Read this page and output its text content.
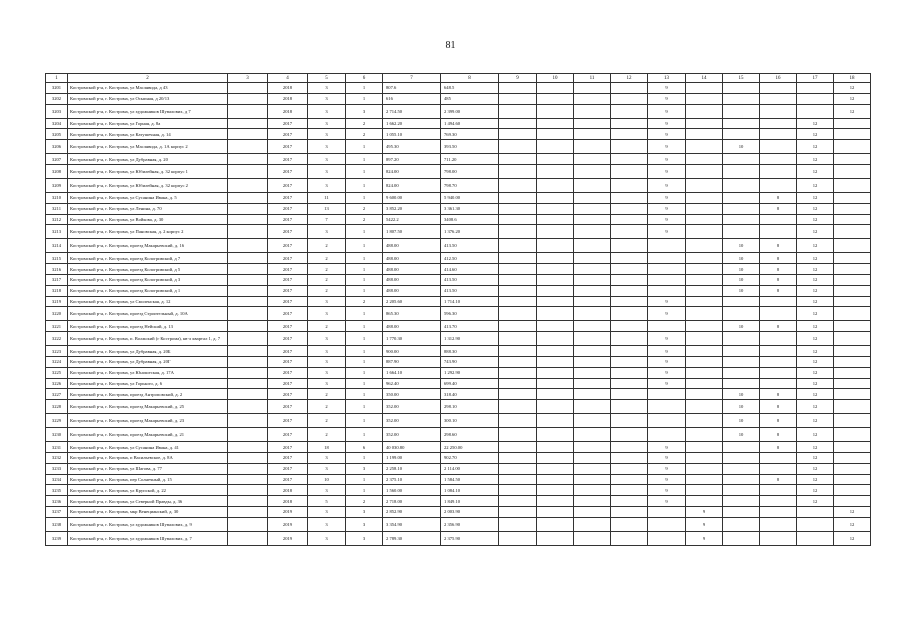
81
1	2	3	4	5	6	7	8	9	10	11	12	13	14	15	16	17	18
3201	Костромской р-н, г. Кострома, ул Маслявида, д 43		2018	3	1	807.6	648.5					9					12
3202	Костромской р-н, г. Кострома, ул Осыпная, д 20/13		2018	3	1	616	485					9					12
3203	Костромской р-н, г. Кострома, ул художников Шувалових, д 7		2018	3	3	2 714.50	2 399.00					9					12
3204	Костромской р-н, г. Кострома, ул Горная, д. 8а		2017	3	2	1 662.20	1 494.60					9				12	
3205	Костромской р-н, г. Кострома, ул Катушечная, д. 14		2017	3	2	1 055.10	769.30					9				12	
3206	Костромской р-н, г. Кострома, ул Маслявида, д. 1А корпус 2		2017	3	1	495.30	393.50					9		10		12	
3207	Костромской р-н, г. Кострома, ул Дубравная, д. 20		2017	3	1	897.20	711.20					9				12	
3208	Костромской р-н, г. Кострома, ул Юбилейная, д. 32 корпус 1		2017	3	1	824.00	798.00					9				12	
3209	Костромской р-н, г. Кострома, ул Юбилейная, д. 32 корпус 2		2017	3	1	824.00	798.70					9				12	
3210	Костромской р-н, г. Кострома, ул Сусанина Ивана, д. 5		2017	11	1	9 600.00	5 940.00					9			8	12	
3211	Костромской р-н, г. Кострома, ул Ленина, д. 70		2017	13	2	3 852.20	3 361.30					9			8	12	
3212	Костромской р-н, г. Кострома, ул Войкова, д. 30		2017	7	2	5422.2	3408.6					9				12	
3213	Костромской р-н, г. Кострома, ул Пановская, д. 2 корпус 2		2017	3	1	1 807.50	1 376.20					9				12	
3214	Костромской р-н, г. Кострома, проезд Макарьевский, д. 16		2017	2	1	488.00	413.50							10	8	12	
3215	Костромской р-н, г. Кострома, проезд Кологривский, д 7		2017	2	1	488.00	412.50							10	8	12	
3216	Костромской р-н, г. Кострома, проезд Кологривский, д 5		2017	2	1	488.00	414.60							10	8	12	
3217	Костромской р-н, г. Кострома, проезд Кологривский, д 3		2017	2	1	488.00	413.50							10	8	12	
3218	Костромской р-н, г. Кострома, проезд Кологривский, д 1		2017	2	1	488.00	413.50							10	8	12	
3219	Костромской р-н, г. Кострома, ул Смоленская, д. 12		2017	3	2	2 205.60	1 714.10					9				12	
3220	Костромской р-н, г. Кострома, проезд Строительный, д. 10А		2017	3	1	865.30	596.30					9				12	
3221	Костромской р-н, г. Кострома, проезд Нейский, д. 13		2017	2	1	488.00	413.70							10	8	12	
3222	Костромской р-н, г. Кострома, п. Волжский (г Кострома), кв-л квартал 1, д. 7		2017	3	1	1 770.30	1 312.90					9				12	
3223	Костромской р-н, г. Кострома, ул Дубравная, д. 20Б		2017	3	1	900.00	888.30					9				12	
3224	Костромской р-н, г. Кострома, ул Дубравная, д. 20Г		2017	3	1	887.90	743.90					9				12	
3225	Костромской р-н, г. Кострома, ул Юношеская, д. 17А		2017	3	1	1 664.10	1 292.90					9				12	
3226	Костромской р-н, г. Кострома, ул Горького, д. 6		2017	3	1	962.40	699.40					9				12	
3227	Костромской р-н, г. Кострома, проезд Антроповский, д. 2		2017	2	1	350.00	318.40							10	8	12	
3228	Костромской р-н, г. Кострома, проезд Макарьевский, д. 25		2017	2	1	352.00	298.10							10	8	12	
3229	Костромской р-н, г. Кострома, проезд Макарьевский, д. 23		2017	2	1	352.00	300.10							10	8	12	
3230	Костромской р-н, г. Кострома, проезд Макарьевский, д. 21		2017	2	1	352.00	298.60							10	8	12	
3231	Костромской р-н, г. Кострома, ул Сусанина Ивана, д. 41		2017	18	6	40 030.80	22 250.00					9			8	12	
3232	Костромской р-н, г. Кострома, п Васильевское, д. 8А		2017	3	1	1 199.00	902.70					9				12	
3233	Костромской р-н, г. Кострома, ул Шагова, д. 77		2017	3	3	2 258.10	2 114.00					9				12	
3234	Костромской р-н, г. Кострома, пер Солнечный, д. 15		2017	10	1	2 375.10	1 584.50					9			8	12	
3235	Костромской р-н, г. Кострома, ул Крупской, д. 22		2018	3	1	1 560.00	1 084.10					9				12	
3236	Костромской р-н, г. Кострома, ул Северной Правды, д. 36		2018	5	2	2 718.00	1 849.10					9				12	
3237	Костромской р-н, г. Кострома, мкр Венецианский, д. 30		2019	3	3	2 852.90	2 003.90						9				12
3238	Костромской р-н, г. Кострома, ул художников Шувалових, д. 9		2019	3	3	3 354.90	2 356.90						9				12
3239	Костромской р-н, г. Кострома, ул художников Шувалових, д. 7		2019	3	3	2 789.30	2 375.90						9				12
